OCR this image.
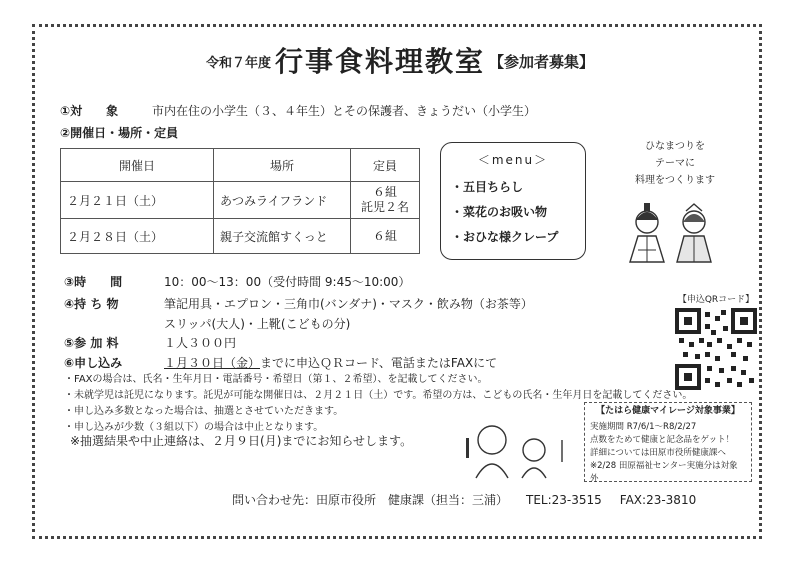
$^{令和7年度}$ 行事食料理教室 【参加者募集】
①対　　象	市内在住の小学生（３、４年生）とその保護者、きょうだい（小学生）
②開催日・場所・定員
開催日	場所	定員
２月２１日（土）	あつみライフランド	６組
託児２名

２月２８日（土）	親子交流館すくっと	６組
＜menu＞
・五目ちらし
・菜花のお吸い物
・おひな様クレープ
ひなまつりを
テーマに
料理をつくります
③時　　間	10：00～13：00（受付時間 9:45～10:00）
④持 ち 物	筆記用具・エプロン・三角巾(バンダナ)・マスク・飲み物（お茶等）
スリッパ(大人)・上靴(こどもの分)
⑤参 加 料	１人３００円
⑥申し込み	１月３０日（金）までに申込ＱＲコード、電話またはFAXにて
・FAXの場合は、氏名・生年月日・電話番号・希望日（第１、２希望）、を記載してください。
・未就学児は託児になります。託児が可能な開催日は、２月２１日（土）です。希望の方は、こどもの氏名・生年月日を記載してください。
・申し込み多数となった場合は、抽選とさせていただきます。
・申し込みが少数（３組以下）の場合は中止となります。
※抽選結果や中止連絡は、２月９日(月)までにお知らせします。
【申込QRコード】
【たはら健康マイレージ対象事業】
実施期間 R7/6/1～R8/2/27
点数をためて健康と記念品をゲット！
詳細については田原市役所健康課へ
※2/28 田原福祉センター実施分は対象外
問い合わせ先：田原市役所　健康課（担当：三浦） TEL:23-3515 FAX:23-3810
